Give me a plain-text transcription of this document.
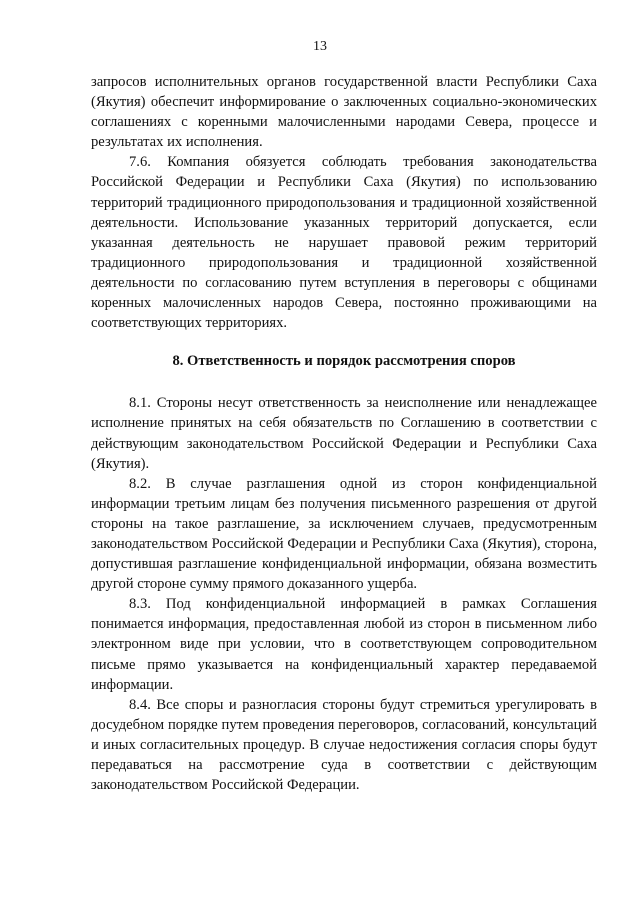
13

запросов исполнительных органов государственной власти Республики Саха (Якутия) обеспечит информирование о заключенных социально-экономических соглашениях с коренными малочисленными народами Севера, процессе и результатах их исполнения.

7.6. Компания обязуется соблюдать требования законодательства Российской Федерации и Республики Саха (Якутия) по использованию территорий традиционного природопользования и традиционной хозяйственной деятельности. Использование указанных территорий допускается, если указанная деятельность не нарушает правовой режим территорий традиционного природопользования и традиционной хозяйственной деятельности по согласованию путем вступления в переговоры с общинами коренных малочисленных народов Севера, постоянно проживающими на соответствующих территориях.

8. Ответственность и порядок рассмотрения споров

8.1. Стороны несут ответственность за неисполнение или ненадлежащее исполнение принятых на себя обязательств по Соглашению в соответствии с действующим законодательством Российской Федерации и Республики Саха (Якутия).

8.2. В случае разглашения одной из сторон конфиденциальной информации третьим лицам без получения письменного разрешения от другой стороны на такое разглашение, за исключением случаев, предусмотренным законодательством Российской Федерации и Республики Саха (Якутия), сторона, допустившая разглашение конфиденциальной информации, обязана возместить другой стороне сумму прямого доказанного ущерба.

8.3. Под конфиденциальной информацией в рамках Соглашения понимается информация, предоставленная любой из сторон в письменном либо электронном виде при условии, что в соответствующем сопроводительном письме прямо указывается на конфиденциальный характер передаваемой информации.

8.4. Все споры и разногласия стороны будут стремиться урегулировать в досудебном порядке путем проведения переговоров, согласований, консультаций и иных согласительных процедур. В случае недостижения согласия споры будут передаваться на рассмотрение суда в соответствии с действующим законодательством Российской Федерации.
